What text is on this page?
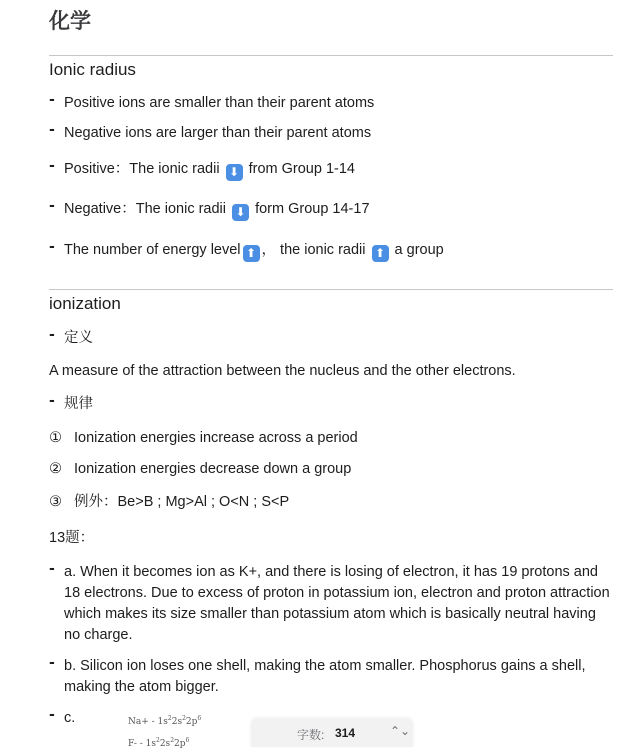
化学
Ionic radius
- Positive ions are smaller than their parent atoms
- Negative ions are larger than their parent atoms
- Positive：The ionic radii ⬇ from Group 1-14
- Negative：The ionic radii ⬇ form Group 14-17
- The number of energy level ⬆ ， the ionic radii ⬆ a group
ionization
- 定义
A measure of the attraction between the nucleus and the other electrons.
- 规律
① Ionization energies increase across a period
② Ionization energies decrease down a group
③ 例外：Be>B ; Mg>Al ; O<N ; S<P
13题：
- a. When it becomes ion as K+, and there is losing of electron, it has 19 protons and 18 electrons. Due to excess of proton in potassium ion, electron and proton attraction which makes its size smaller than potassium atom which is basically neutral having no charge.
- b. Silicon ion loses one shell, making the atom smaller. Phosphorus gains a shell, making the atom bigger.
- c.	$Na+ - 1s^22s^22p^6$
$F- - 1s^22s^22p^6$	字数: 314	⌃⌄
